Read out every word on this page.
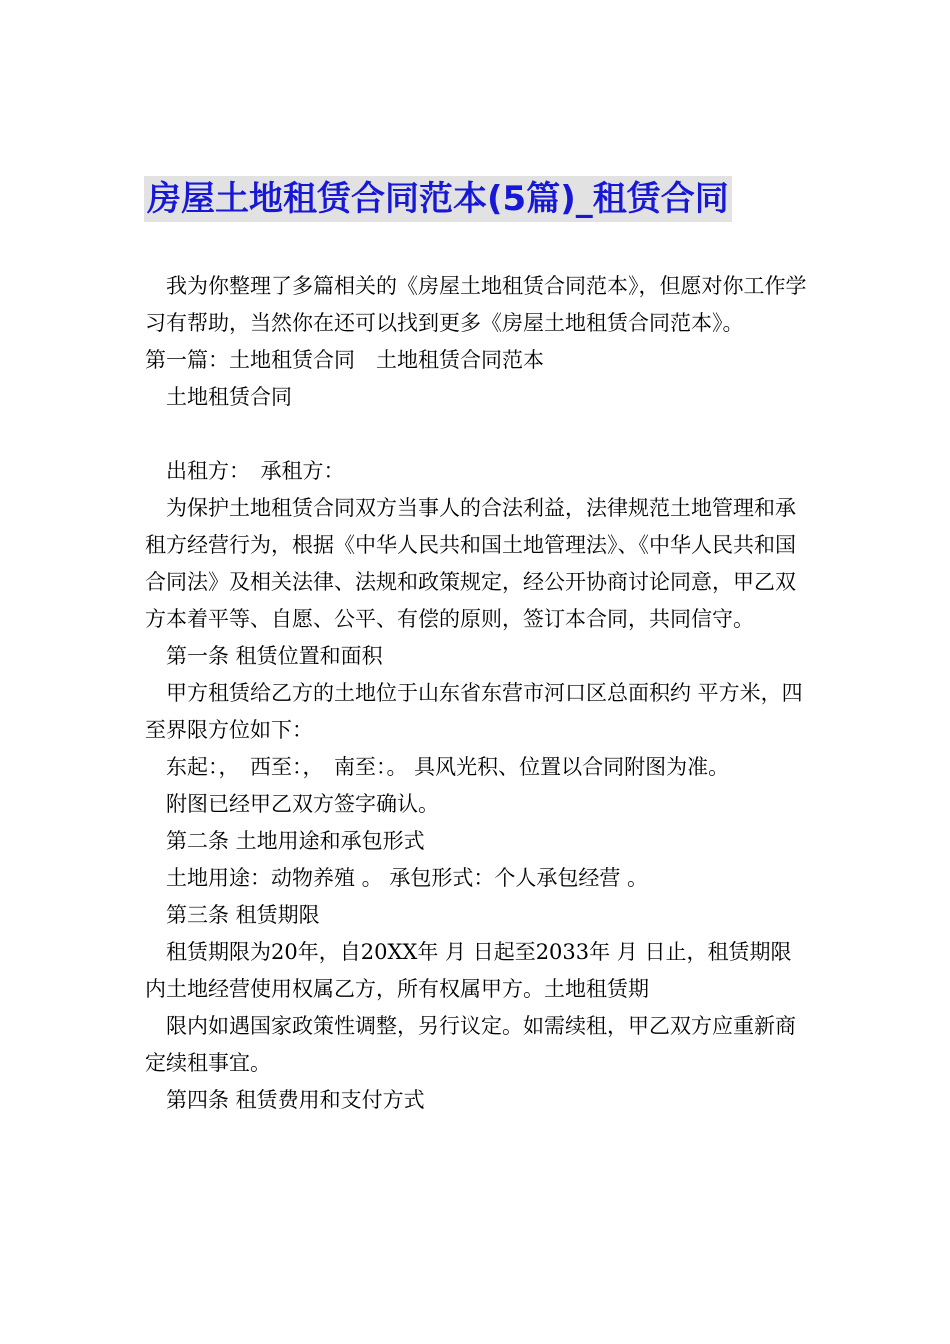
房屋土地租赁合同范本(5篇)_租赁合同

我为你整理了多篇相关的《房屋土地租赁合同范本》，但愿对你工作学习有帮助，当然你在还可以找到更多《房屋土地租赁合同范本》。

第一篇：土地租赁合同　土地租赁合同范本

土地租赁合同

出租方：　承租方：

为保护土地租赁合同双方当事人的合法利益，法律规范土地管理和承租方经营行为，根据《中华人民共和国土地管理法》、《中华人民共和国合同法》及相关法律、法规和政策规定，经公开协商讨论同意，甲乙双方本着平等、自愿、公平、有偿的原则，签订本合同，共同信守。

第一条 租赁位置和面积

甲方租赁给乙方的土地位于山东省东营市河口区总面积约 平方米，四至界限方位如下：

东起：，　西至：，　南至：。 具风光积、位置以合同附图为准。

附图已经甲乙双方签字确认。

第二条 土地用途和承包形式

土地用途：动物养殖 。 承包形式：个人承包经营 。

第三条 租赁期限

租赁期限为20年，自20XX年 月 日起至2033年 月 日止，租赁期限内土地经营使用权属乙方，所有权属甲方。土地租赁期

限内如遇国家政策性调整，另行议定。如需续租，甲乙双方应重新商定续租事宜。

第四条 租赁费用和支付方式
